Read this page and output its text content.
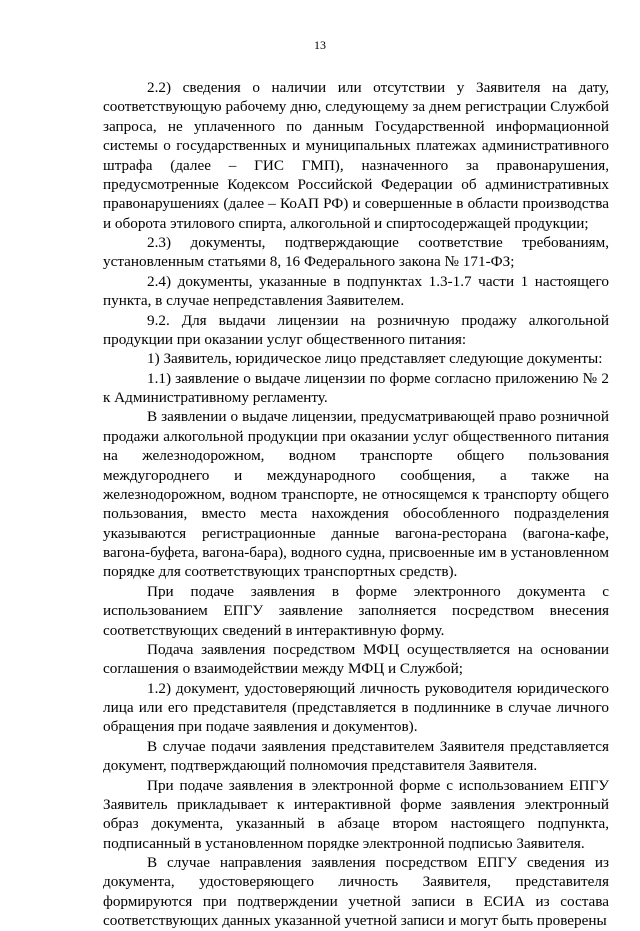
13

2.2) сведения о наличии или отсутствии у Заявителя на дату, соответствующую рабочему дню, следующему за днем регистрации Службой запроса, не уплаченного по данным Государственной информационной системы о государственных и муниципальных платежах административного штрафа (далее – ГИС ГМП), назначенного за правонарушения, предусмотренные Кодексом Российской Федерации об административных правонарушениях (далее – КоАП РФ) и совершенные в области производства и оборота этилового спирта, алкогольной и спиртосодержащей продукции;

2.3) документы, подтверждающие соответствие требованиям, установленным статьями 8, 16 Федерального закона № 171-ФЗ;

2.4) документы, указанные в подпунктах 1.3-1.7 части 1 настоящего пункта, в случае непредставления Заявителем.

9.2. Для выдачи лицензии на розничную продажу алкогольной продукции при оказании услуг общественного питания:

1) Заявитель, юридическое лицо представляет следующие документы:

1.1) заявление о выдаче лицензии по форме согласно приложению № 2 к Административному регламенту.

В заявлении о выдаче лицензии, предусматривающей право розничной продажи алкогольной продукции при оказании услуг общественного питания на железнодорожном, водном транспорте общего пользования междугороднего и международного сообщения, а также на железнодорожном, водном транспорте, не относящемся к транспорту общего пользования, вместо места нахождения обособленного подразделения указываются регистрационные данные вагона-ресторана (вагона-кафе, вагона-буфета, вагона-бара), водного судна, присвоенные им в установленном порядке для соответствующих транспортных средств).

При подаче заявления в форме электронного документа с использованием ЕПГУ заявление заполняется посредством внесения соответствующих сведений в интерактивную форму.

Подача заявления посредством МФЦ осуществляется на основании соглашения о взаимодействии между МФЦ и Службой;

1.2) документ, удостоверяющий личность руководителя юридического лица или его представителя (представляется в подлиннике в случае личного обращения при подаче заявления и документов).

В случае подачи заявления представителем Заявителя представляется документ, подтверждающий полномочия представителя Заявителя.

При подаче заявления в электронной форме с использованием ЕПГУ Заявитель прикладывает к интерактивной форме заявления электронный образ документа, указанный в абзаце втором настоящего подпункта, подписанный в установленном порядке электронной подписью Заявителя.

В случае направления заявления посредством ЕПГУ сведения из документа, удостоверяющего личность Заявителя, представителя формируются при подтверждении учетной записи в ЕСИА из состава соответствующих данных указанной учетной записи и могут быть проверены
